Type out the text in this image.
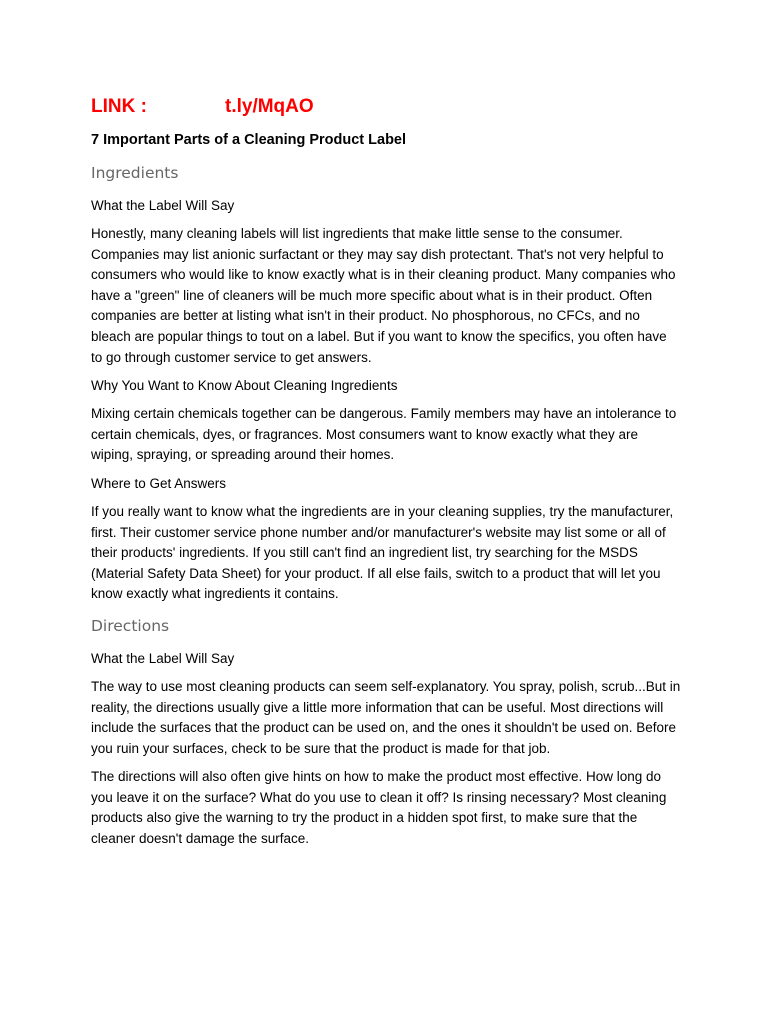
LINK :	t.ly/MqAO
7 Important Parts of a Cleaning Product Label
Ingredients
What the Label Will Say

Honestly, many cleaning labels will list ingredients that make little sense to the consumer. Companies may list anionic surfactant or they may say dish protectant. That's not very helpful to consumers who would like to know exactly what is in their cleaning product. Many companies who have a "green" line of cleaners will be much more specific about what is in their product. Often companies are better at listing what isn't in their product. No phosphorous, no CFCs, and no bleach are popular things to tout on a label. But if you want to know the specifics, you often have to go through customer service to get answers.

Why You Want to Know About Cleaning Ingredients

Mixing certain chemicals together can be dangerous. Family members may have an intolerance to certain chemicals, dyes, or fragrances. Most consumers want to know exactly what they are wiping, spraying, or spreading around their homes.

Where to Get Answers

If you really want to know what the ingredients are in your cleaning supplies, try the manufacturer, first. Their customer service phone number and/or manufacturer's website may list some or all of their products' ingredients. If you still can't find an ingredient list, try searching for the MSDS (Material Safety Data Sheet) for your product. If all else fails, switch to a product that will let you know exactly what ingredients it contains.

Directions
What the Label Will Say

The way to use most cleaning products can seem self-explanatory. You spray, polish, scrub...But in reality, the directions usually give a little more information that can be useful. Most directions will include the surfaces that the product can be used on, and the ones it shouldn't be used on. Before you ruin your surfaces, check to be sure that the product is made for that job.

The directions will also often give hints on how to make the product most effective. How long do you leave it on the surface? What do you use to clean it off? Is rinsing necessary? Most cleaning products also give the warning to try the product in a hidden spot first, to make sure that the cleaner doesn't damage the surface.
